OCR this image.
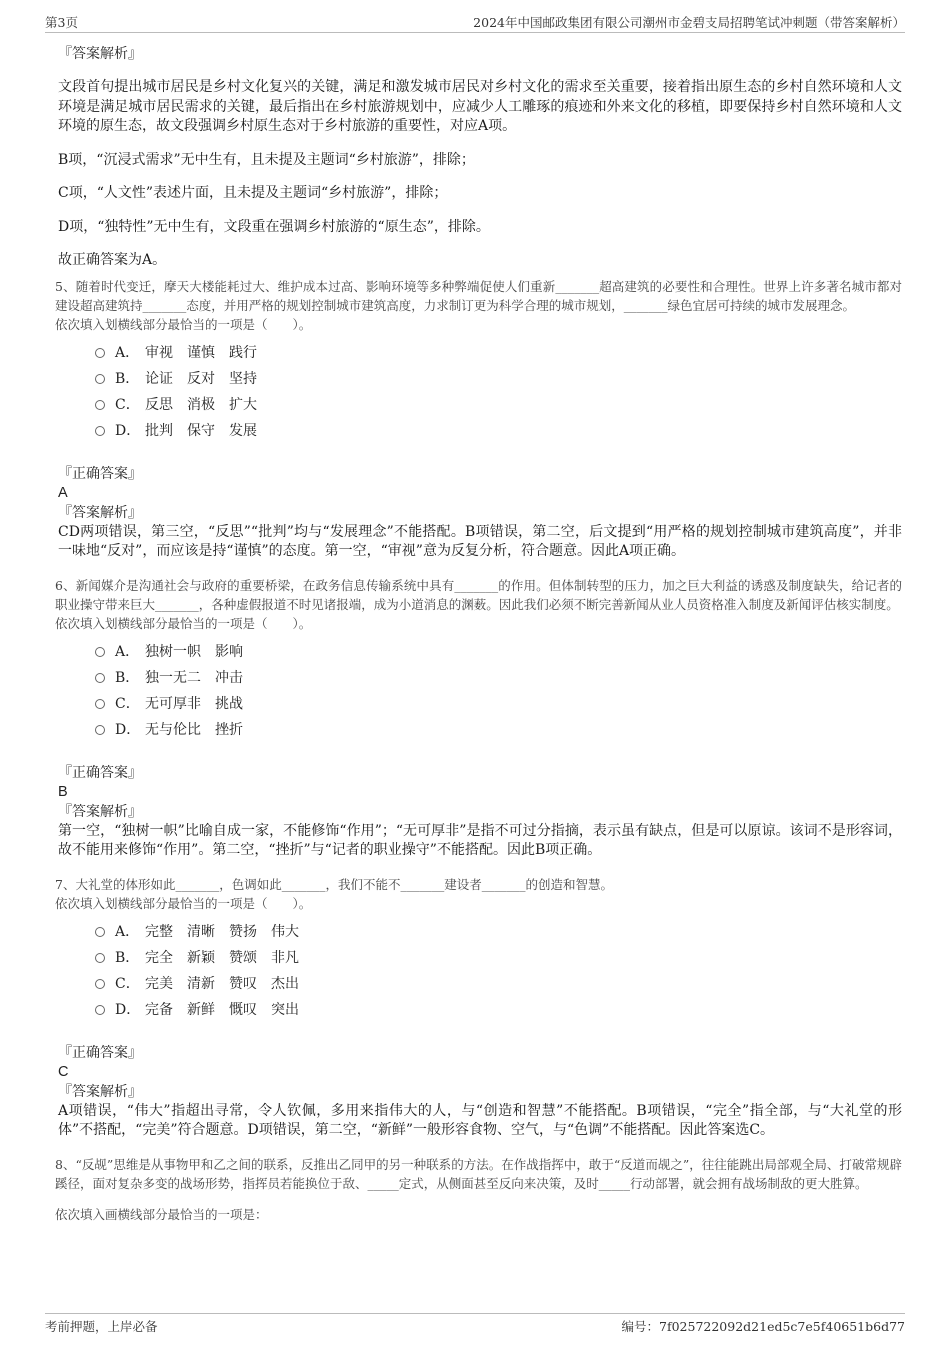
第3页	2024年中国邮政集团有限公司潮州市金碧支局招聘笔试冲刺题（带答案解析）
『答案解析』

文段首句提出城市居民是乡村文化复兴的关键，满足和激发城市居民对乡村文化的需求至关重要，接着指出原生态的乡村自然环境和人文环境是满足城市居民需求的关键，最后指出在乡村旅游规划中，应减少人工雕琢的痕迹和外来文化的移植，即要保持乡村自然环境和人文环境的原生态，故文段强调乡村原生态对于乡村旅游的重要性，对应A项。

B项，“沉浸式需求”无中生有，且未提及主题词“乡村旅游”，排除；

C项，“人文性”表述片面，且未提及主题词“乡村旅游”，排除；

D项，“独特性”无中生有，文段重在强调乡村旅游的“原生态”，排除。

故正确答案为A。

5、随着时代变迁，摩天大楼能耗过大、维护成本过高、影响环境等多种弊端促使人们重新_______超高建筑的必要性和合理性。世界上许多著名城市都对建设超高建筑持_______态度，并用严格的规划控制城市建筑高度，力求制订更为科学合理的城市规划，_______绿色宜居可持续的城市发展理念。

依次填入划横线部分最恰当的一项是（　　）。

A． 审视 谨慎 践行
B． 论证 反对 坚持
C． 反思 消极 扩大
D． 批判 保守 发展
『正确答案』
A
『答案解析』

CD两项错误，第三空，“反思”“批判”均与“发展理念”不能搭配。B项错误，第二空，后文提到“用严格的规划控制城市建筑高度”，并非一味地“反对”，而应该是持“谨慎”的态度。第一空，“审视”意为反复分析，符合题意。因此A项正确。

6、新闻媒介是沟通社会与政府的重要桥梁，在政务信息传输系统中具有_______的作用。但体制转型的压力，加之巨大利益的诱惑及制度缺失，给记者的职业操守带来巨大_______，各种虚假报道不时见诸报端，成为小道消息的渊薮。因此我们必须不断完善新闻从业人员资格准入制度及新闻评估核实制度。

依次填入划横线部分最恰当的一项是（　　）。

A． 独树一帜 影响
B． 独一无二 冲击
C． 无可厚非 挑战
D． 无与伦比 挫折
『正确答案』
B
『答案解析』

第一空，“独树一帜”比喻自成一家，不能修饰“作用”；“无可厚非”是指不可过分指摘，表示虽有缺点，但是可以原谅。该词不是形容词，故不能用来修饰“作用”。第二空，“挫折”与“记者的职业操守”不能搭配。因此B项正确。

7、大礼堂的体形如此_______，色调如此_______，我们不能不_______建设者_______的创造和智慧。

依次填入划横线部分最恰当的一项是（　　）。

A． 完整 清晰 赞扬 伟大
B． 完全 新颖 赞颂 非凡
C． 完美 清新 赞叹 杰出
D． 完备 新鲜 慨叹 突出
『正确答案』
C
『答案解析』

A项错误，“伟大”指超出寻常，令人钦佩，多用来指伟大的人，与“创造和智慧”不能搭配。B项错误，“完全”指全部，与“大礼堂的形体”不搭配，“完美”符合题意。D项错误，第二空，“新鲜”一般形容食物、空气，与“色调”不能搭配。因此答案选C。

8、“反觇”思维是从事物甲和乙之间的联系，反推出乙同甲的另一种联系的方法。在作战指挥中，敢于“反道而觇之”，往往能跳出局部观全局、打破常规辟蹊径，面对复杂多变的战场形势，指挥员若能换位于敌、_____定式，从侧面甚至反向来决策，及时_____行动部署，就会拥有战场制敌的更大胜算。

依次填入画横线部分最恰当的一项是：

考前押题，上岸必备	编号：7f025722092d21ed5c7e5f40651b6d77
